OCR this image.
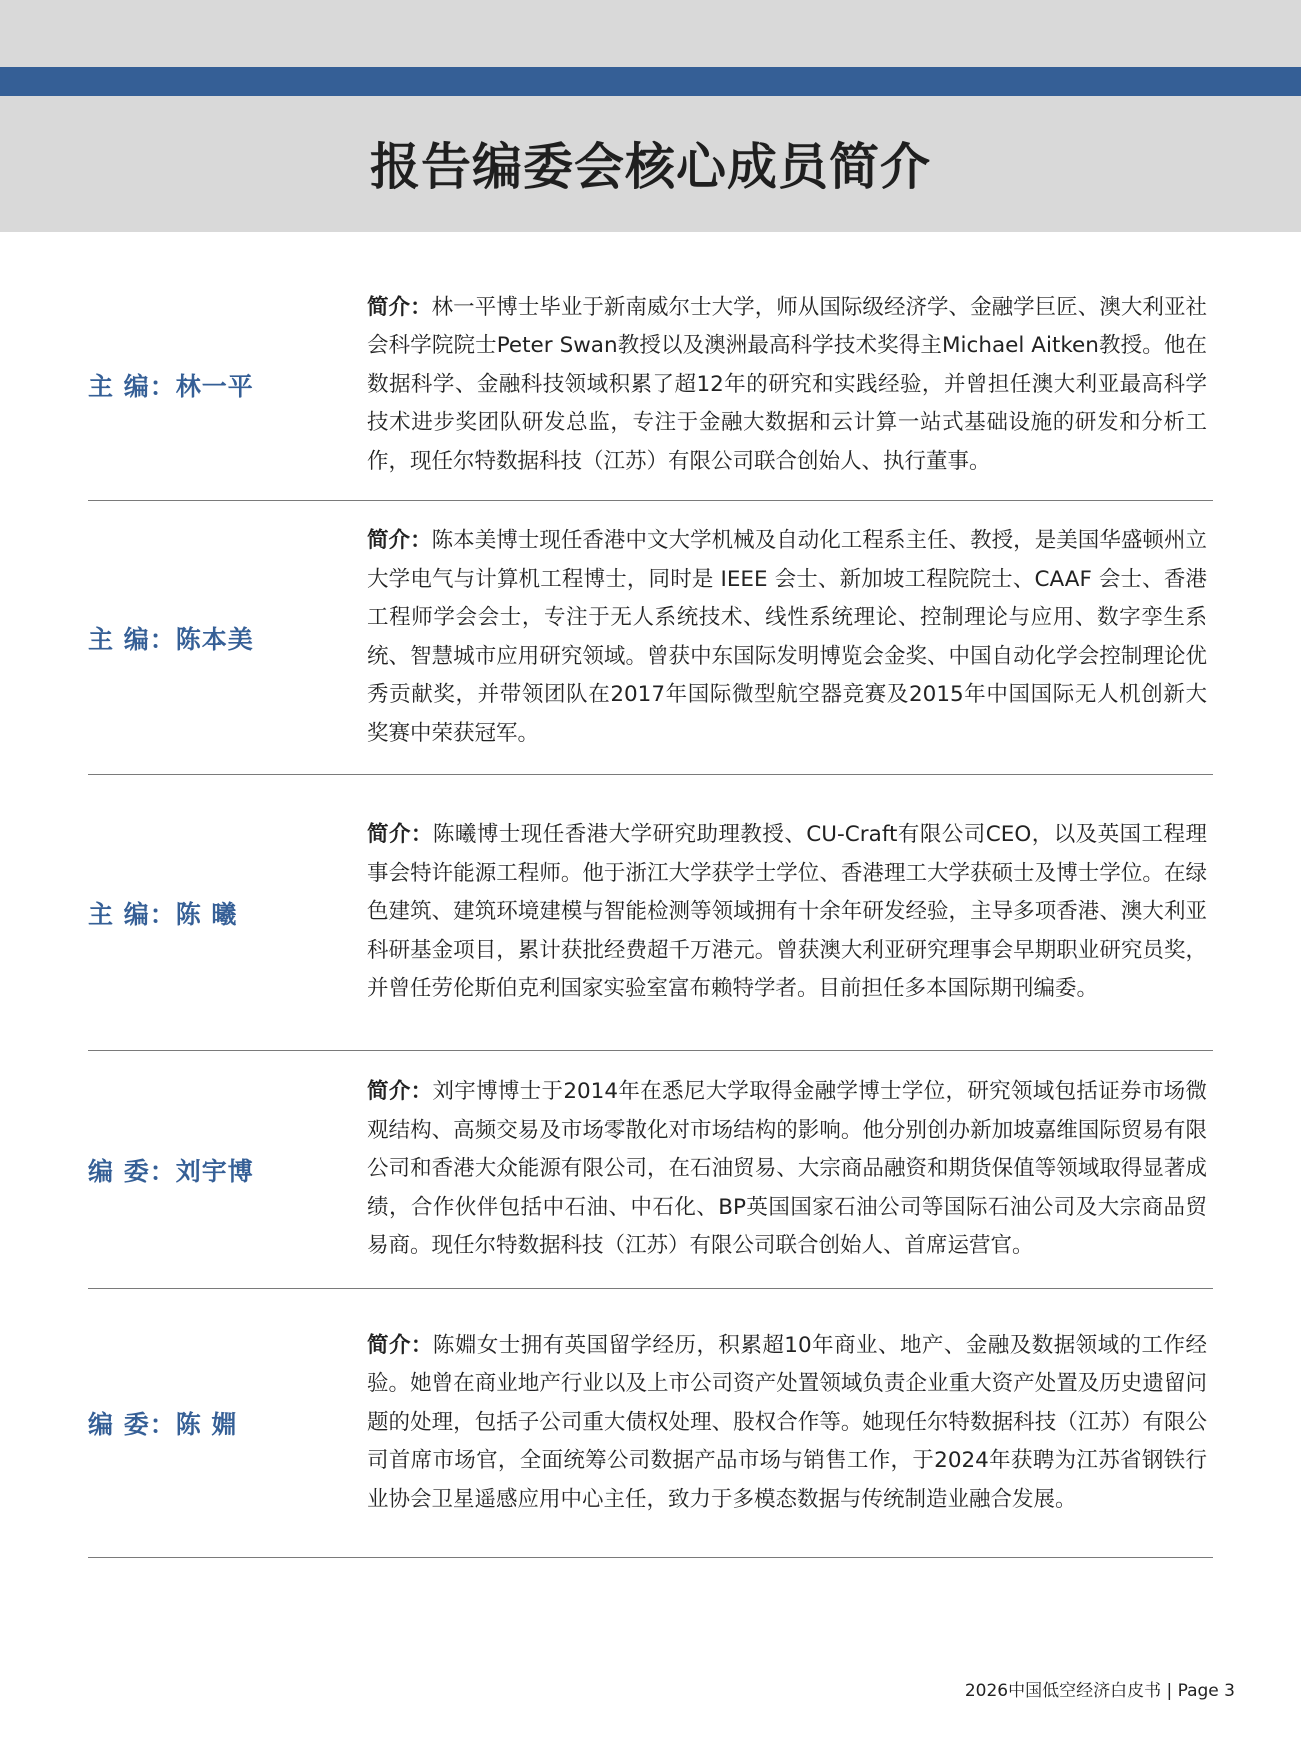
报告编委会核心成员简介
主 编：林一平
简介：林一平博士毕业于新南威尔士大学，师从国际级经济学、金融学巨匠、澳大利亚社会科学院院士Peter Swan教授以及澳洲最高科学技术奖得主Michael Aitken教授。他在数据科学、金融科技领域积累了超12年的研究和实践经验，并曾担任澳大利亚最高科学技术进步奖团队研发总监，专注于金融大数据和云计算一站式基础设施的研发和分析工作，现任尔特数据科技（江苏）有限公司联合创始人、执行董事。
主 编：陈本美
简介：陈本美博士现任香港中文大学机械及自动化工程系主任、教授，是美国华盛顿州立大学电气与计算机工程博士，同时是 IEEE 会士、新加坡工程院院士、CAAF 会士、香港工程师学会会士，专注于无人系统技术、线性系统理论、控制理论与应用、数字孪生系统、智慧城市应用研究领域。曾获中东国际发明博览会金奖、中国自动化学会控制理论优秀贡献奖，并带领团队在2017年国际微型航空器竞赛及2015年中国国际无人机创新大奖赛中荣获冠军。
主 编：陈 曦
简介：陈曦博士现任香港大学研究助理教授、CU-Craft有限公司CEO，以及英国工程理事会特许能源工程师。他于浙江大学获学士学位、香港理工大学获硕士及博士学位。在绿色建筑、建筑环境建模与智能检测等领域拥有十余年研发经验，主导多项香港、澳大利亚科研基金项目，累计获批经费超千万港元。曾获澳大利亚研究理事会早期职业研究员奖，并曾任劳伦斯伯克利国家实验室富布赖特学者。目前担任多本国际期刊编委。
编 委：刘宇博
简介：刘宇博博士于2014年在悉尼大学取得金融学博士学位，研究领域包括证券市场微观结构、高频交易及市场零散化对市场结构的影响。他分别创办新加坡嘉维国际贸易有限公司和香港大众能源有限公司，在石油贸易、大宗商品融资和期货保值等领域取得显著成绩，合作伙伴包括中石油、中石化、BP英国国家石油公司等国际石油公司及大宗商品贸易商。现任尔特数据科技（江苏）有限公司联合创始人、首席运营官。
编 委：陈 婣
简介：陈婣女士拥有英国留学经历，积累超10年商业、地产、金融及数据领域的工作经验。她曾在商业地产行业以及上市公司资产处置领域负责企业重大资产处置及历史遗留问题的处理，包括子公司重大债权处理、股权合作等。她现任尔特数据科技（江苏）有限公司首席市场官，全面统筹公司数据产品市场与销售工作，于2024年获聘为江苏省钢铁行业协会卫星遥感应用中心主任，致力于多模态数据与传统制造业融合发展。
2026中国低空经济白皮书 | Page 3
